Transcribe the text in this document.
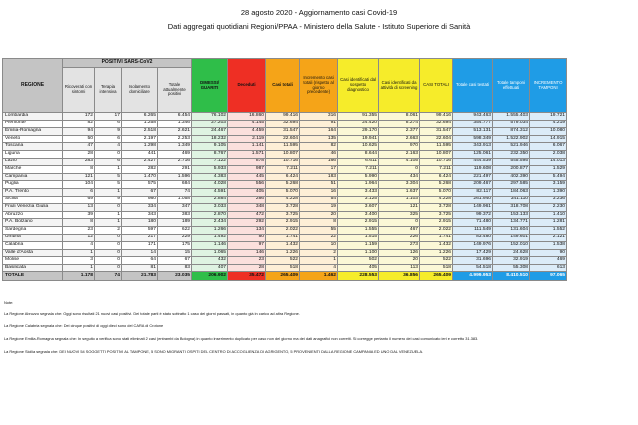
28 agosto 2020 - Aggiornamento casi Covid-19
Dati aggregati quotidiani Regioni/PPAA - Ministero della Salute - Istituto Superiore di Sanità
REGIONE	POSITIVI SARS-CoV2				DIMESSI/ GUARITI	Deceduti	Casi totali	Incremento casi totali (rispetto al giorno precedente)	Casi identificati dal sospetto diagnostico	Casi identificati da attività di screening	CASI TOTALI	Totale casi testati	Totale tamponi effettuati	INCREMENTO TAMPONI
	Ricoverati con sintomi	Terapia intensiva	Isolamento domiciliare	Totale attualmente positivi										
Lombardia	172	17	6.265	6.454	76.102	16.860	99.416	316	91.355	8.061	99.416	943.463	1.555.403	19.721
Piemonte	82	6	1.258	1.346	27.203	4.145	32.694	91	24.420	8.274	32.694	354.777	579.034	4.219
Emilia-Romagna	94	9	2.518	2.621	24.467	4.459	31.547	164	29.170	2.377	31.547	513.131	874.312	10.080
Veneto	50	6	2.197	2.253	18.232	2.119	22.604	135	19.941	2.663	22.604	598.349	1.522.902	14.915
Toscana	47	4	1.298	1.349	9.105	1.141	11.595	82	10.625	970	11.595	343.913	521.946	6.067
Liguria	28	0	441	469	8.767	1.571	10.807	46	8.644	2.163	10.807	125.061	232.350	2.038
Lazio	283	6	2.427	2.716	7.122	878	10.716	166	6.611	4.105	10.716	444.539	545.595	14.013
Marche	8	1	282	291	5.933	987	7.211	17	7.211	0	7.211	119.608	200.877	1.529
Campania	121	5	1.470	1.596	4.383	445	6.424	183	5.990	434	6.424	221.497	402.390	5.494
Puglia	104	5	575	684	4.028	556	5.268	51	1.964	3.304	5.268	209.467	297.585	3.159
P.A. Trento	6	1	67	74	4.591	405	5.070	16	3.433	1.637	5.070	82.117	184.063	1.390
Sicilia	69	9	980	1.058	2.884	286	4.228	54	3.125	1.103	4.228	261.940	341.110	3.236
Friuli Venezia Giulia	13	0	334	347	3.033	348	3.728	19	3.607	121	3.728	149.961	318.708	2.230
Abruzzo	39	1	343	383	2.870	472	3.725	20	3.400	325	3.725	99.372	153.133	1.410
P.A. Bolzano	8	1	180	189	2.434	292	2.915	8	2.915	0	2.915	71.480	134.771	1.281
Sardegna	23	2	597	622	1.266	134	2.022	55	1.555	467	2.022	111.549	131.604	1.552
Umbria	12	0	217	229	1.492	80	1.741	22	1.515	226	1.741	83.480	149.601	2.121
Calabria	4	0	171	175	1.146	97	1.432	10	1.159	273	1.432	149.976	152.010	1.538
Valle d'Aosta	1	0	14	15	1.065	146	1.226	2	1.100	126	1.226	17.429	24.628	90
Molise	3	0	64	67	432	23	522	1	502	20	522	31.696	32.919	469
Basilicata	1	0	81	83	407	28	518	4	405	113	518	54.518	55.308	613
TOTALE	1.178	74	21.783	23.035	206.902	35.472	265.409	1.462	228.553	36.856	265.409	4.999.953	8.410.510	97.065
Note:
La Regione Abruzzo segnala che: Oggi sono risultati 21 nuovi casi positivi. Dei totale parti è stato sottratto 1 caso dei giorni passati, in quanto già in carico ad altra Regione.
La Regione Calabria segnala che: Dei cinque positivi di oggi dieci sono del CARA di Crotone
La Regione Emilia-Romagna segnala che: In seguito a verifica sono stati eliminati 2 casi (entrambi da Bologna) in quanto inserimento duplicato per caso non del giorno ma dei dati anagrafici non corretti. Si corregge pertanto il numero dei casi comunicato ieri e corretto 31.383.
La Regione Sicilia segnala che: DEI NUOVI 54 SOGGETTI POSITIVI AL TAMPONE, 5 SONO MIGRANTI OSPITI DEL CENTRO DI ACCOGLIENZA DI AGRIGENTO, 5 PROVENIENTI DALLA REGIONE CAMPANIA ED UNO DAL VENEZUELA.
